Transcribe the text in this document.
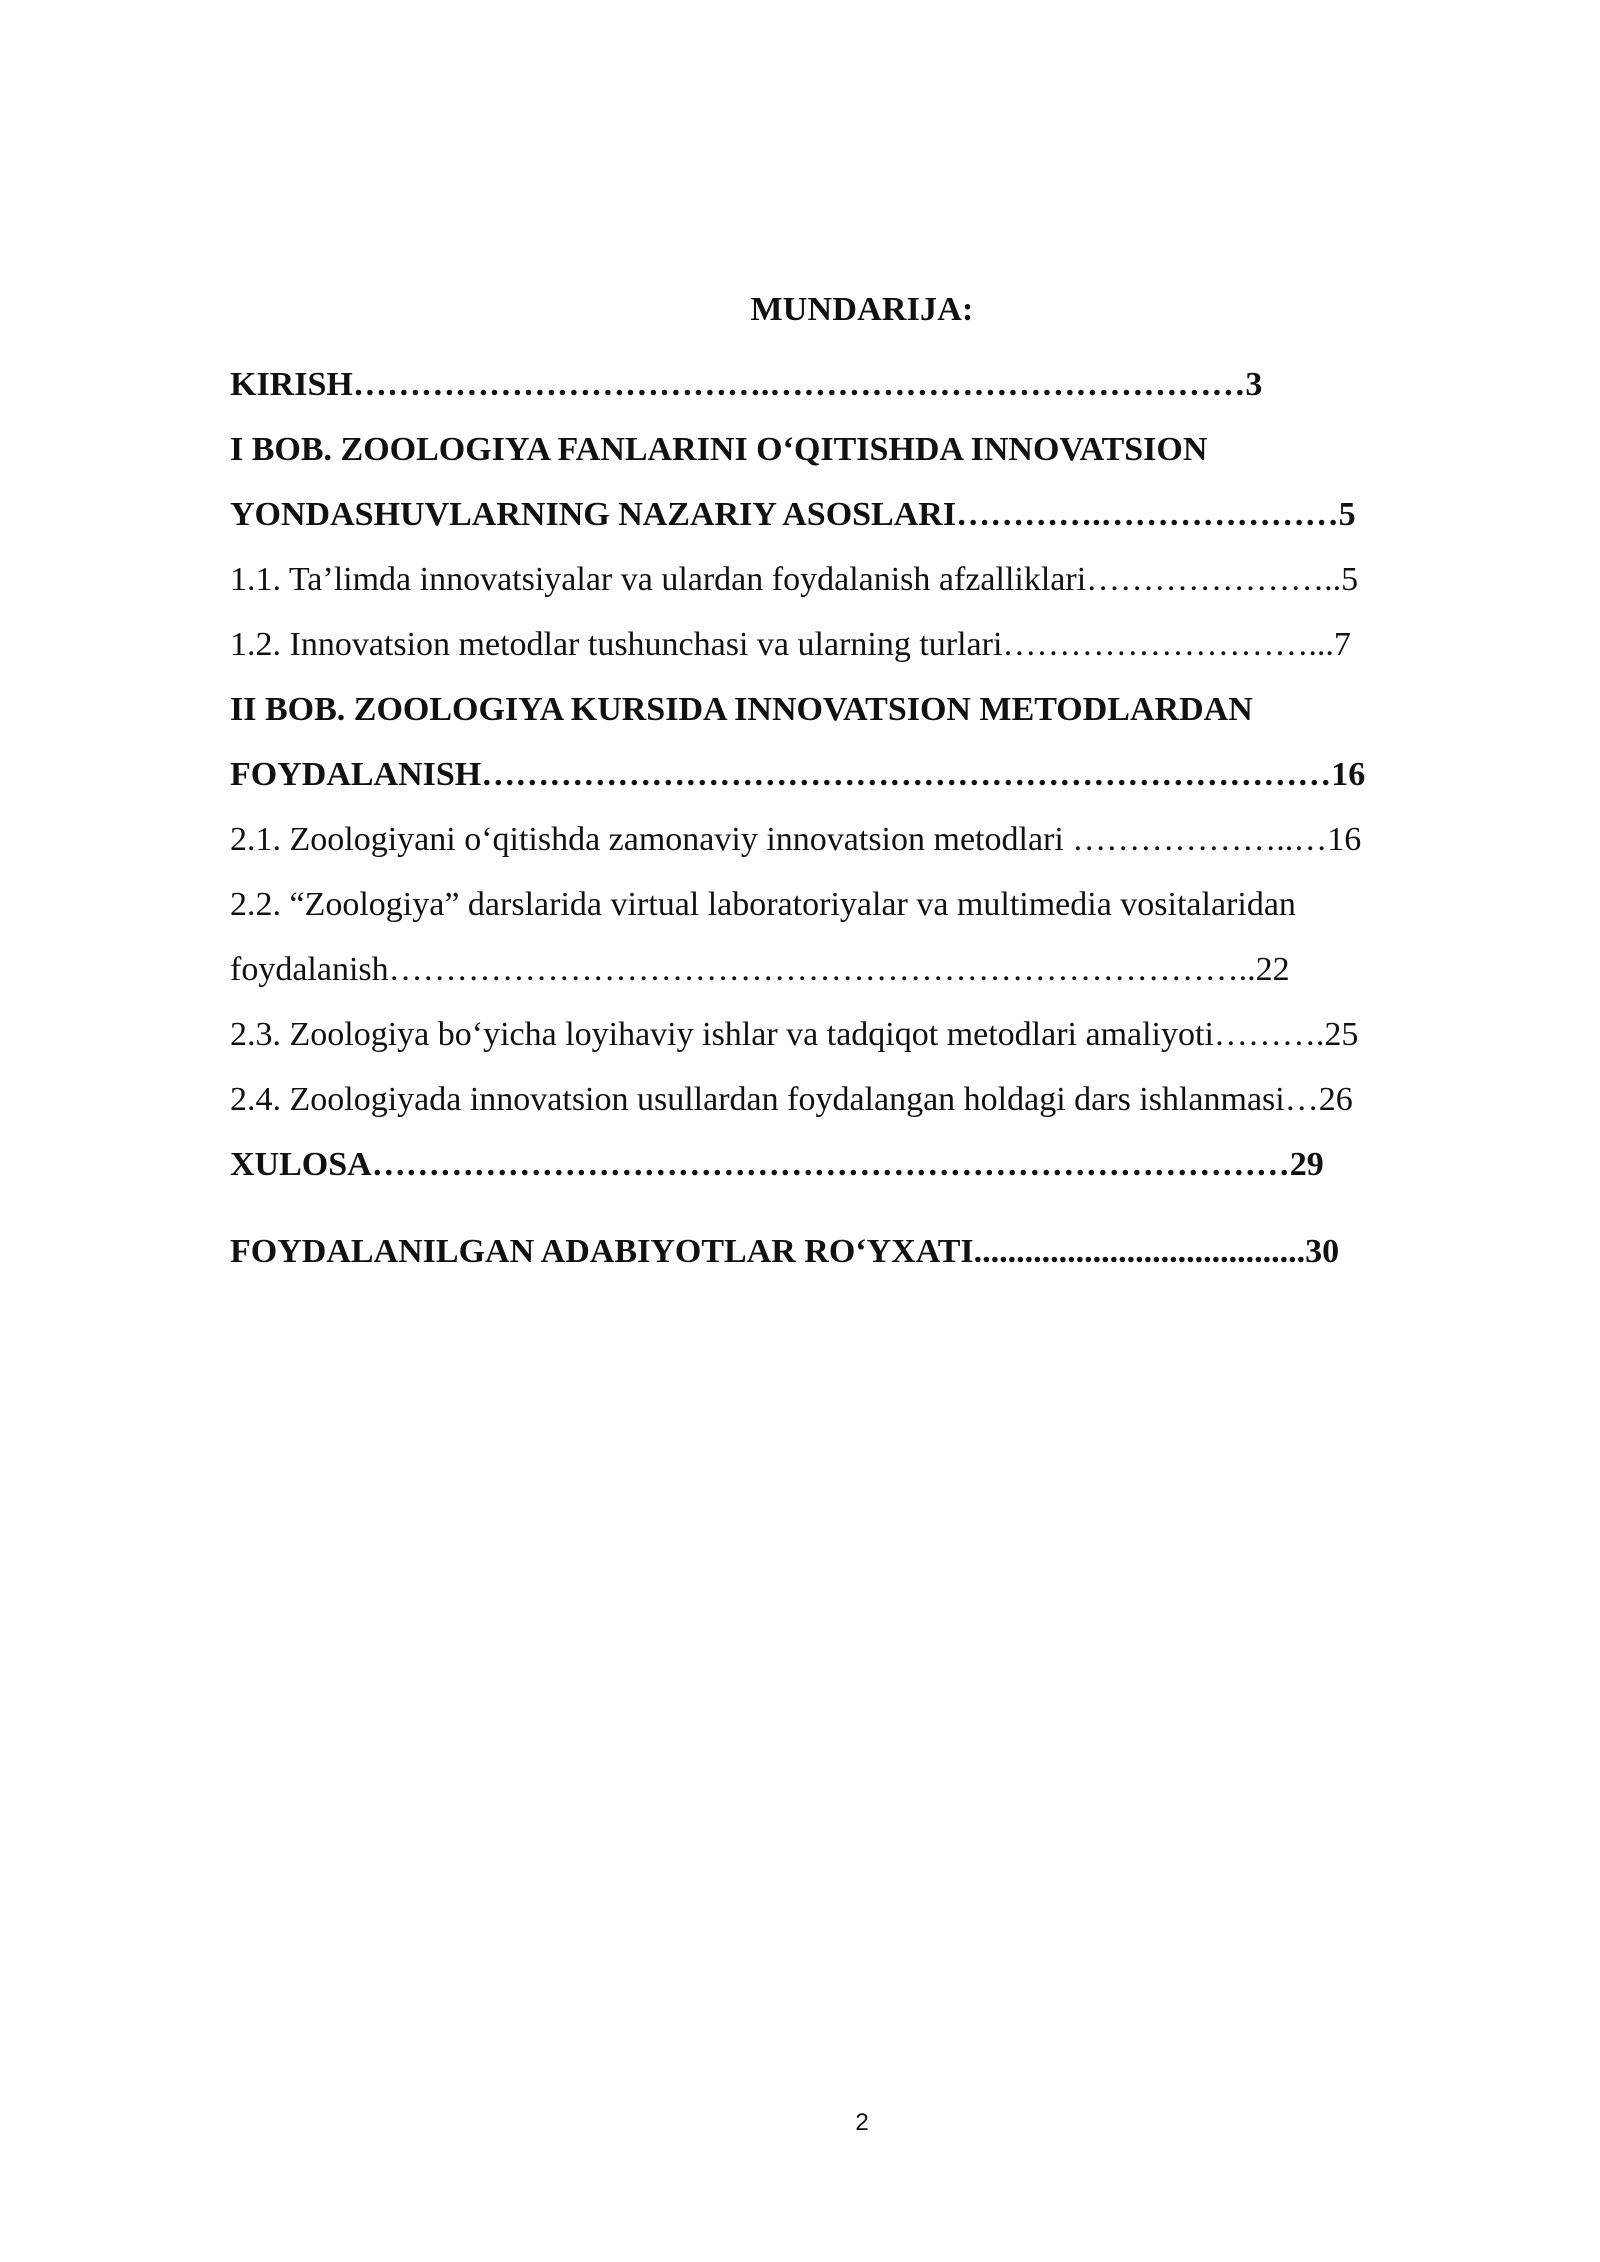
MUNDARIJA:
KIRISH……………………………….……………………………………3
I BOB. ZOOLOGIYA FANLARINI O‘QITISHDA INNOVATSION
YONDASHUVLARNING NAZARIY ASOSLARI………….…………………5
1.1. Ta’limda innovatsiyalar va ulardan foydalanish afzalliklari…………………..5
1.2. Innovatsion metodlar tushunchasi va ularning turlari………………………...7
II BOB. ZOOLOGIYA KURSIDA INNOVATSION METODLARDAN
FOYDALANISH…………………………………………………………………16
2.1. Zoologiyani o‘qitishda zamonaviy innovatsion metodlari ………………..…16
2.2. “Zoologiya” darslarida virtual laboratoriyalar va multimedia vositalaridan
foydalanish…………………………………………………………………..22
2.3. Zoologiya bo‘yicha loyihaviy ishlar va tadqiqot metodlari amaliyoti……….25
2.4. Zoologiyada innovatsion usullardan foydalangan holdagi dars ishlanmasi…26
XULOSA………………………………………………………………………29
FOYDALANILGAN ADABIYOTLAR RO‘YXATI.......................................30
2
